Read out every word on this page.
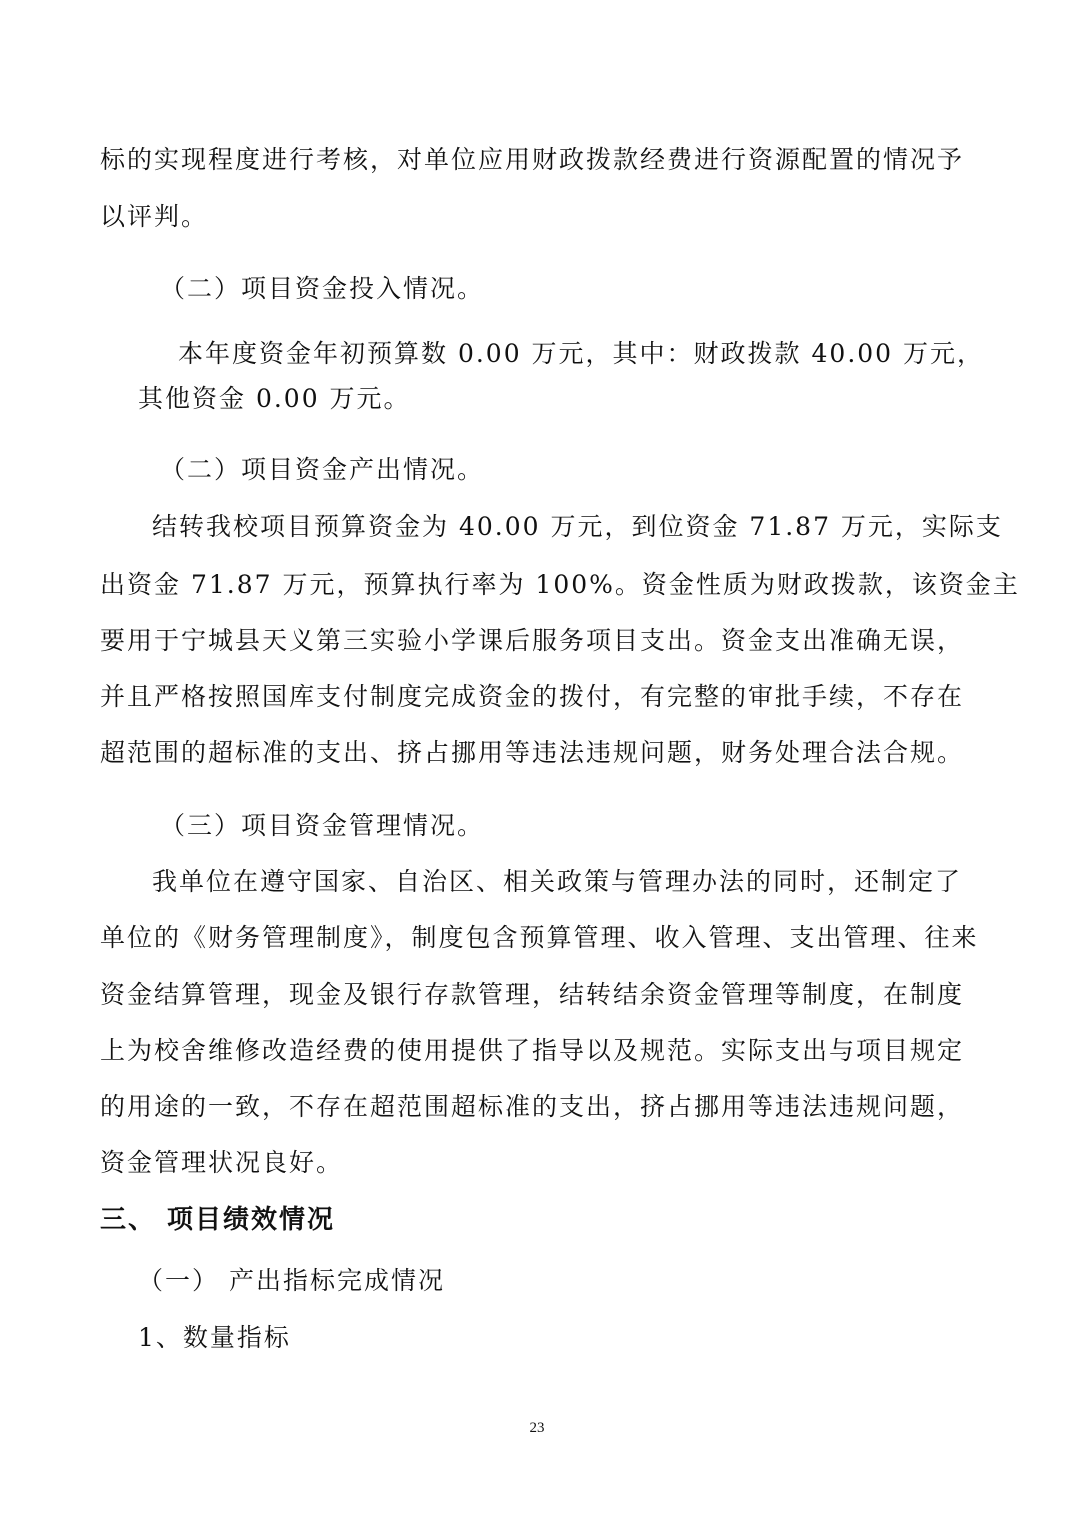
标的实现程度进行考核，对单位应用财政拨款经费进行资源配置的情况予
以评判。
（二）项目资金投入情况。
本年度资金年初预算数 0.00 万元，其中：财政拨款 40.00 万元，
其他资金 0.00 万元。
（二）项目资金产出情况。
结转我校项目预算资金为 40.00 万元，到位资金 71.87 万元，实际支
出资金 71.87 万元，预算执行率为 100%。资金性质为财政拨款，该资金主
要用于宁城县天义第三实验小学课后服务项目支出。资金支出准确无误，
并且严格按照国库支付制度完成资金的拨付，有完整的审批手续，不存在
超范围的超标准的支出、挤占挪用等违法违规问题，财务处理合法合规。
（三）项目资金管理情况。
我单位在遵守国家、自治区、相关政策与管理办法的同时，还制定了
单位的《财务管理制度》，制度包含预算管理、收入管理、支出管理、往来
资金结算管理，现金及银行存款管理，结转结余资金管理等制度，在制度
上为校舍维修改造经费的使用提供了指导以及规范。实际支出与项目规定
的用途的一致，不存在超范围超标准的支出，挤占挪用等违法违规问题，
资金管理状况良好。
三、 项目绩效情况
（一） 产出指标完成情况
1、数量指标
23
